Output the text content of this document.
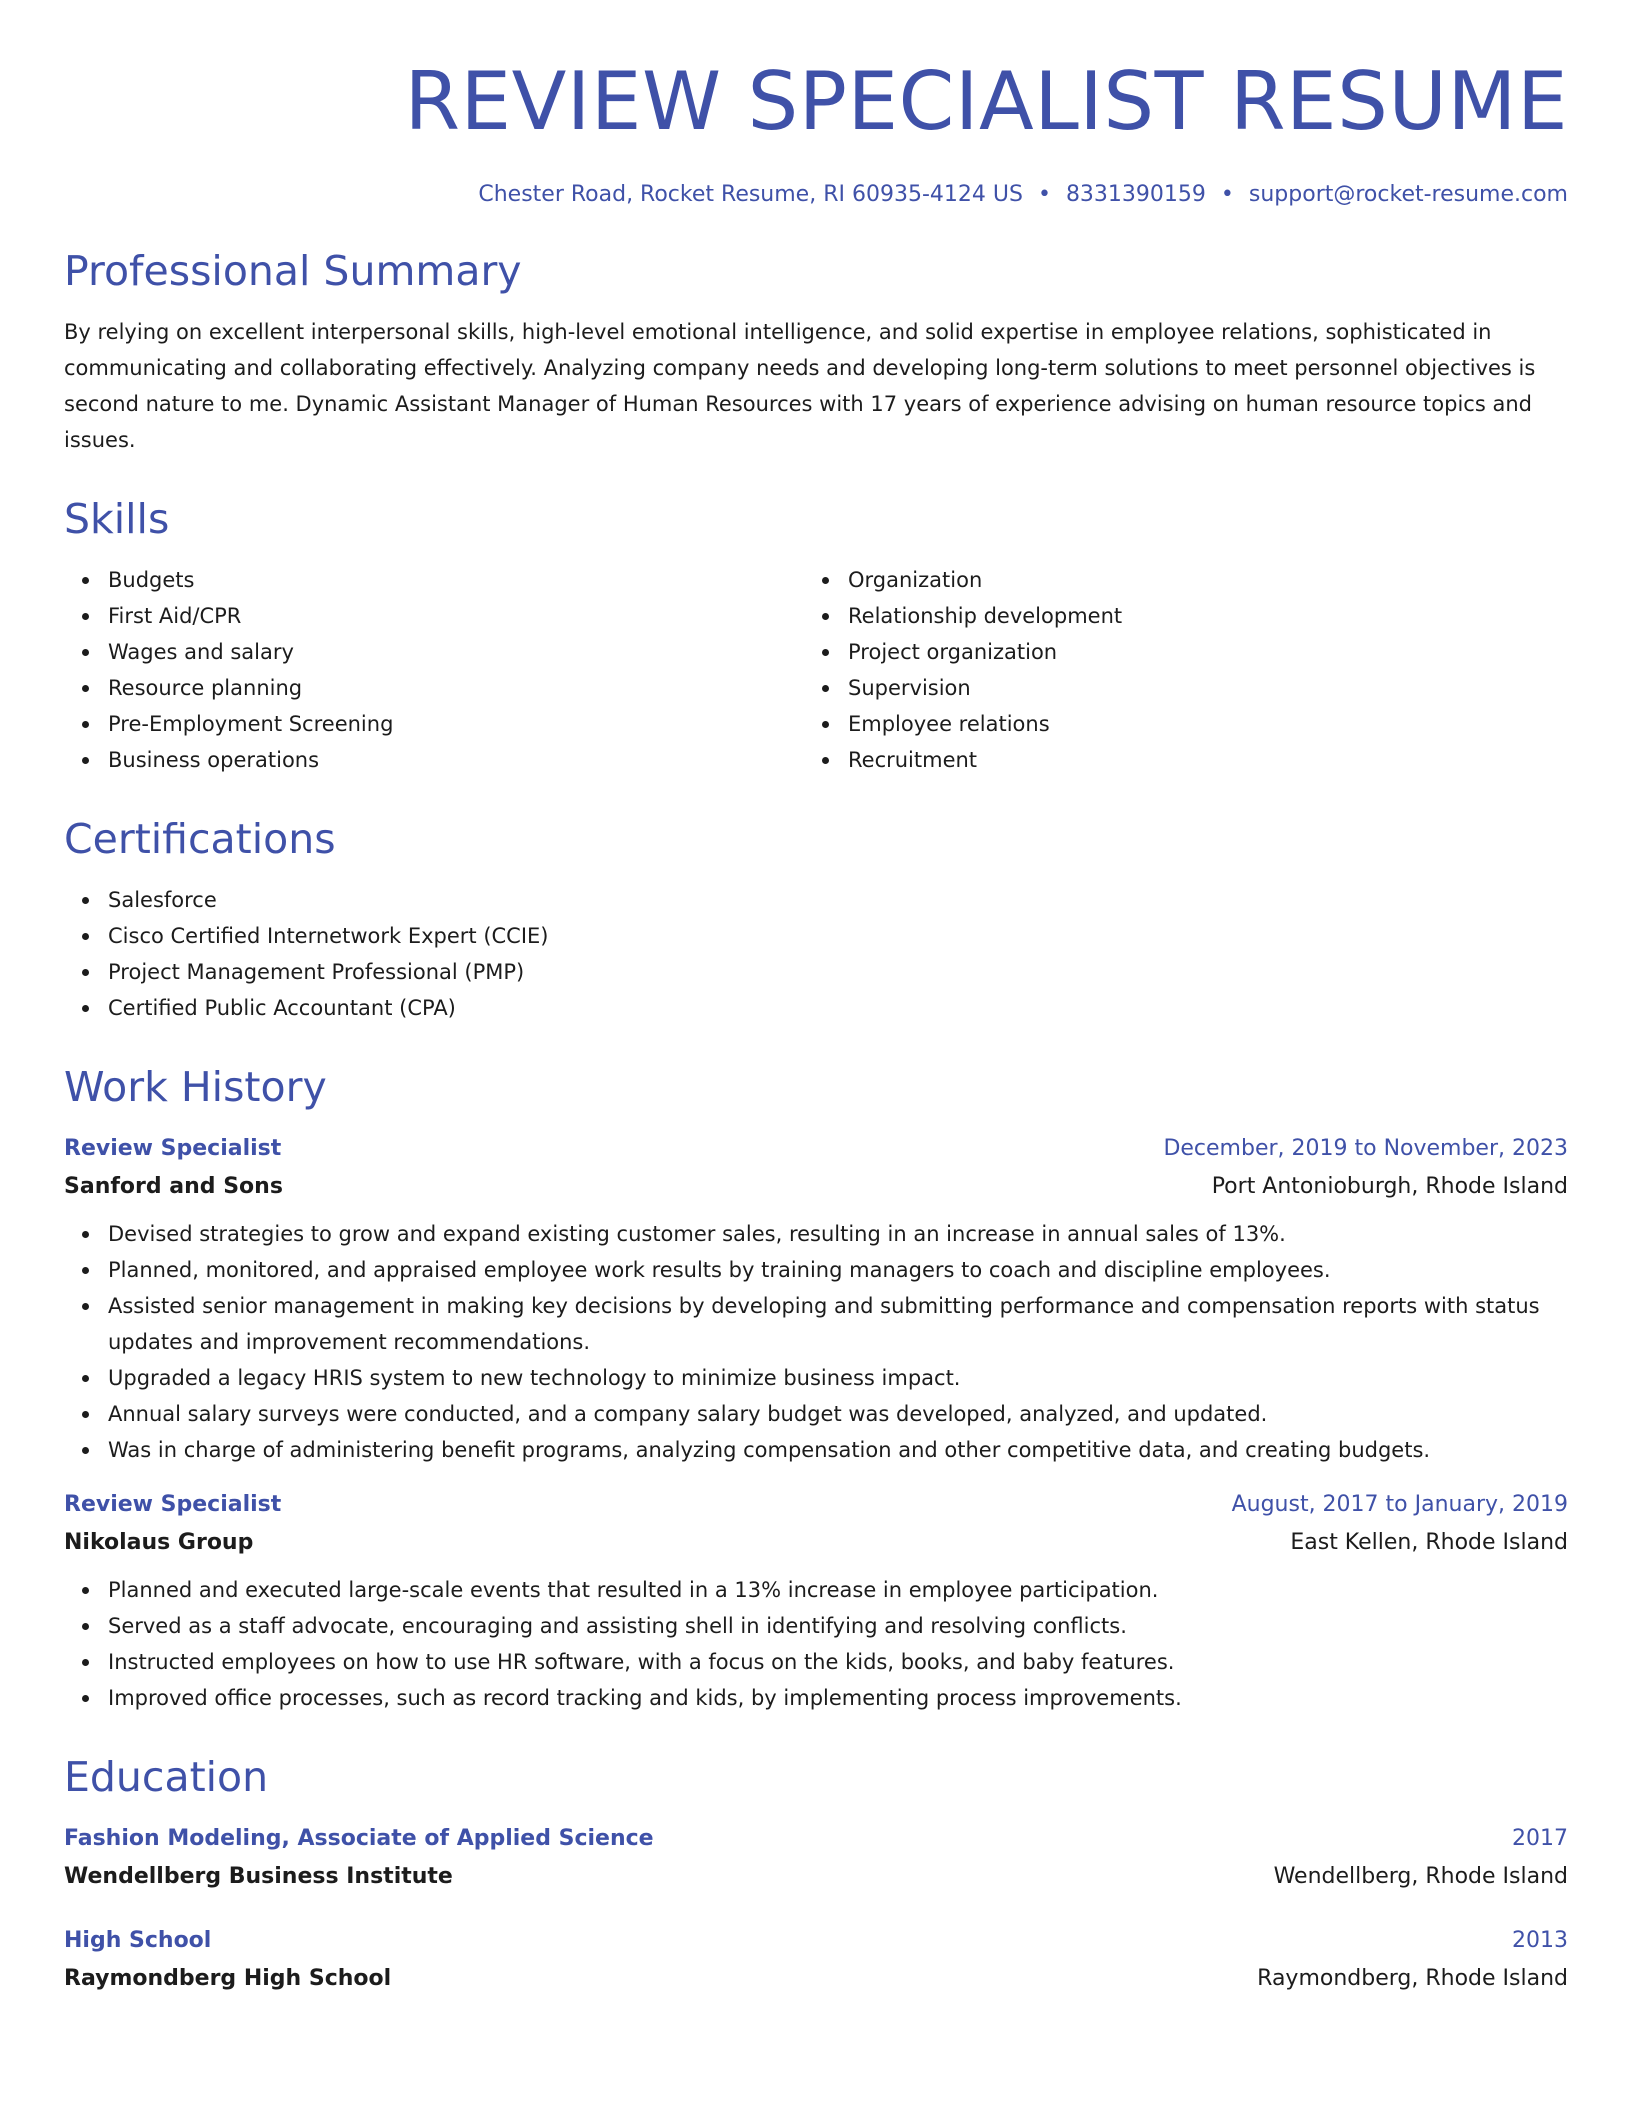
REVIEW SPECIALIST RESUME
Chester Road, Rocket Resume, RI 60935-4124 US • 8331390159 • support@rocket-resume.com
Professional Summary

By relying on excellent interpersonal skills, high-level emotional intelligence, and solid expertise in employee relations, sophisticated in communicating and collaborating effectively. Analyzing company needs and developing long-term solutions to meet personnel objectives is second nature to me. Dynamic Assistant Manager of Human Resources with 17 years of experience advising on human resource topics and issues.

Skills
Budgets
First Aid/CPR
Wages and salary
Resource planning
Pre-Employment Screening
Business operations
Organization
Relationship development
Project organization
Supervision
Employee relations
Recruitment
Certifications
Salesforce
Cisco Certified Internetwork Expert (CCIE)
Project Management Professional (PMP)
Certified Public Accountant (CPA)
Work History
Review Specialist	December, 2019 to November, 2023
Sanford and Sons	Port Antonioburgh, Rhode Island
Devised strategies to grow and expand existing customer sales, resulting in an increase in annual sales of 13%.
Planned, monitored, and appraised employee work results by training managers to coach and discipline employees.
Assisted senior management in making key decisions by developing and submitting performance and compensation reports with status updates and improvement recommendations.
Upgraded a legacy HRIS system to new technology to minimize business impact.
Annual salary surveys were conducted, and a company salary budget was developed, analyzed, and updated.
Was in charge of administering benefit programs, analyzing compensation and other competitive data, and creating budgets.
Review Specialist	August, 2017 to January, 2019
Nikolaus Group	East Kellen, Rhode Island
Planned and executed large-scale events that resulted in a 13% increase in employee participation.
Served as a staff advocate, encouraging and assisting shell in identifying and resolving conflicts.
Instructed employees on how to use HR software, with a focus on the kids, books, and baby features.
Improved office processes, such as record tracking and kids, by implementing process improvements.
Education
Fashion Modeling, Associate of Applied Science	2017
Wendellberg Business Institute	Wendellberg, Rhode Island
High School	2013
Raymondberg High School	Raymondberg, Rhode Island
